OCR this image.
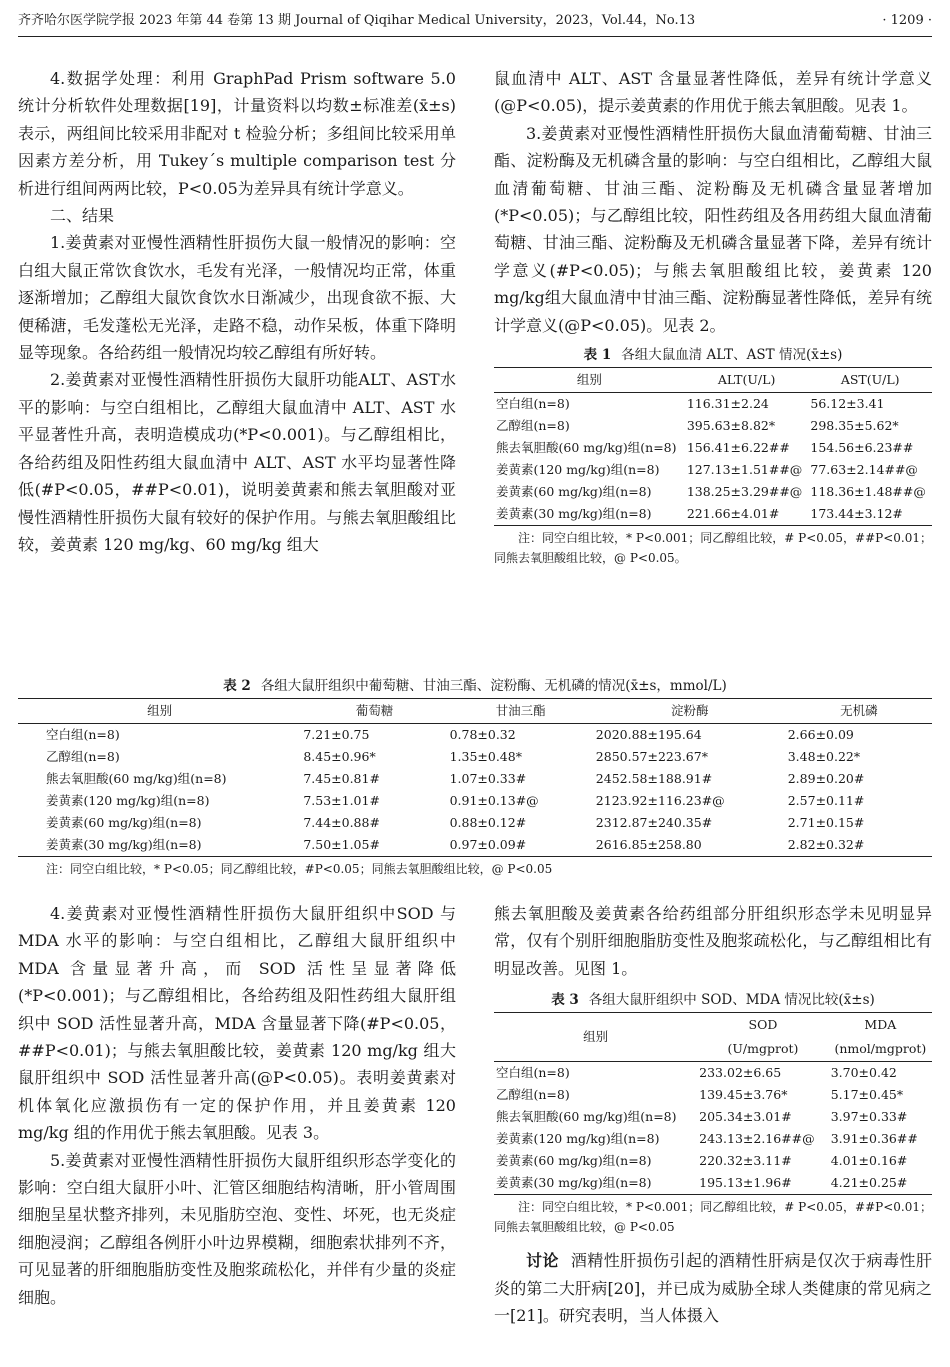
齐齐哈尔医学院学报 2023 年第 44 卷第 13 期 Journal of Qiqihar Medical University，2023，Vol.44，No.13	· 1209 ·

4.数据学处理：利用 GraphPad Prism software 5.0 统计分析软件处理数据[19]，计量资料以均数±标准差(x̄±s)表示，两组间比较采用非配对 t 检验分析；多组间比较采用单因素方差分析，用 Tukey´s multiple comparison test 分析进行组间两两比较，P<0.05为差异具有统计学意义。

二、结果

1.姜黄素对亚慢性酒精性肝损伤大鼠一般情况的影响：空白组大鼠正常饮食饮水，毛发有光泽，一般情况均正常，体重逐渐增加；乙醇组大鼠饮食饮水日渐减少，出现食欲不振、大便稀溏，毛发蓬松无光泽，走路不稳，动作呆板，体重下降明显等现象。各给药组一般情况均较乙醇组有所好转。

2.姜黄素对亚慢性酒精性肝损伤大鼠肝功能ALT、AST水平的影响：与空白组相比，乙醇组大鼠血清中 ALT、AST 水平显著性升高，表明造模成功(*P<0.001)。与乙醇组相比，各给药组及阳性药组大鼠血清中 ALT、AST 水平均显著性降低(#P<0.05，##P<0.01)，说明姜黄素和熊去氧胆酸对亚慢性酒精性肝损伤大鼠有较好的保护作用。与熊去氧胆酸组比较，姜黄素 120 mg/kg、60 mg/kg 组大

鼠血清中 ALT、AST 含量显著性降低，差异有统计学意义(@P<0.05)，提示姜黄素的作用优于熊去氧胆酸。见表 1。

3.姜黄素对亚慢性酒精性肝损伤大鼠血清葡萄糖、甘油三酯、淀粉酶及无机磷含量的影响：与空白组相比，乙醇组大鼠血清葡萄糖、甘油三酯、淀粉酶及无机磷含量显著增加(*P<0.05)；与乙醇组比较，阳性药组及各用药组大鼠血清葡萄糖、甘油三酯、淀粉酶及无机磷含量显著下降，差异有统计学意义(#P<0.05)；与熊去氧胆酸组比较，姜黄素 120 mg/kg组大鼠血清中甘油三酯、淀粉酶显著性降低，差异有统计学意义(@P<0.05)。见表 2。

表 1 各组大鼠血清 ALT、AST 情况(x̄±s)
组别	ALT(U/L)	AST(U/L)
空白组(n=8)	116.31±2.24	56.12±3.41
乙醇组(n=8)	395.63±8.82*	298.35±5.62*
熊去氧胆酸(60 mg/kg)组(n=8)	156.41±6.22##	154.56±6.23##
姜黄素(120 mg/kg)组(n=8)	127.13±1.51##@	77.63±2.14##@
姜黄素(60 mg/kg)组(n=8)	138.25±3.29##@	118.36±1.48##@
姜黄素(30 mg/kg)组(n=8)	221.66±4.01#	173.44±3.12#
注：同空白组比较，* P<0.001；同乙醇组比较，# P<0.05，##P<0.01；同熊去氧胆酸组比较，@ P<0.05。
表 2 各组大鼠肝组织中葡萄糖、甘油三酯、淀粉酶、无机磷的情况(x̄±s，mmol/L)
组别	葡萄糖	甘油三酯	淀粉酶	无机磷
空白组(n=8)	7.21±0.75	0.78±0.32	2020.88±195.64	2.66±0.09
乙醇组(n=8)	8.45±0.96*	1.35±0.48*	2850.57±223.67*	3.48±0.22*
熊去氧胆酸(60 mg/kg)组(n=8)	7.45±0.81#	1.07±0.33#	2452.58±188.91#	2.89±0.20#
姜黄素(120 mg/kg)组(n=8)	7.53±1.01#	0.91±0.13#@	2123.92±116.23#@	2.57±0.11#
姜黄素(60 mg/kg)组(n=8)	7.44±0.88#	0.88±0.12#	2312.87±240.35#	2.71±0.15#
姜黄素(30 mg/kg)组(n=8)	7.50±1.05#	0.97±0.09#	2616.85±258.80	2.82±0.32#
注：同空白组比较，* P<0.05；同乙醇组比较，#P<0.05；同熊去氧胆酸组比较，@ P<0.05

4.姜黄素对亚慢性酒精性肝损伤大鼠肝组织中SOD 与 MDA 水平的影响：与空白组相比，乙醇组大鼠肝组织中 MDA 含量显著升高，而 SOD 活性呈显著降低(*P<0.001)；与乙醇组相比，各给药组及阳性药组大鼠肝组织中 SOD 活性显著升高，MDA 含量显著下降(#P<0.05，##P<0.01)；与熊去氧胆酸比较，姜黄素 120 mg/kg 组大鼠肝组织中 SOD 活性显著升高(@P<0.05)。表明姜黄素对机体氧化应激损伤有一定的保护作用，并且姜黄素 120 mg/kg 组的作用优于熊去氧胆酸。见表 3。

5.姜黄素对亚慢性酒精性肝损伤大鼠肝组织形态学变化的影响：空白组大鼠肝小叶、汇管区细胞结构清晰，肝小管周围细胞呈星状整齐排列，未见脂肪空泡、变性、坏死，也无炎症细胞浸润；乙醇组各例肝小叶边界模糊，细胞索状排列不齐，可见显著的肝细胞脂肪变性及胞浆疏松化，并伴有少量的炎症细胞。

熊去氧胆酸及姜黄素各给药组部分肝组织形态学未见明显异常，仅有个别肝细胞脂肪变性及胞浆疏松化，与乙醇组相比有明显改善。见图 1。

表 3 各组大鼠肝组织中 SOD、MDA 情况比较(x̄±s)
组别	SOD	MDA
	(U/mgprot)	(nmol/mgprot)
空白组(n=8)	233.02±6.65	3.70±0.42
乙醇组(n=8)	139.45±3.76*	5.17±0.45*
熊去氧胆酸(60 mg/kg)组(n=8)	205.34±3.01#	3.97±0.33#
姜黄素(120 mg/kg)组(n=8)	243.13±2.16##@	3.91±0.36##
姜黄素(60 mg/kg)组(n=8)	220.32±3.11#	4.01±0.16#
姜黄素(30 mg/kg)组(n=8)	195.13±1.96#	4.21±0.25#
注：同空白组比较，* P<0.001；同乙醇组比较，# P<0.05，##P<0.01；同熊去氧胆酸组比较，@ P<0.05

讨论 酒精性肝损伤引起的酒精性肝病是仅次于病毒性肝炎的第二大肝病[20]，并已成为威胁全球人类健康的常见病之一[21]。研究表明，当人体摄入
